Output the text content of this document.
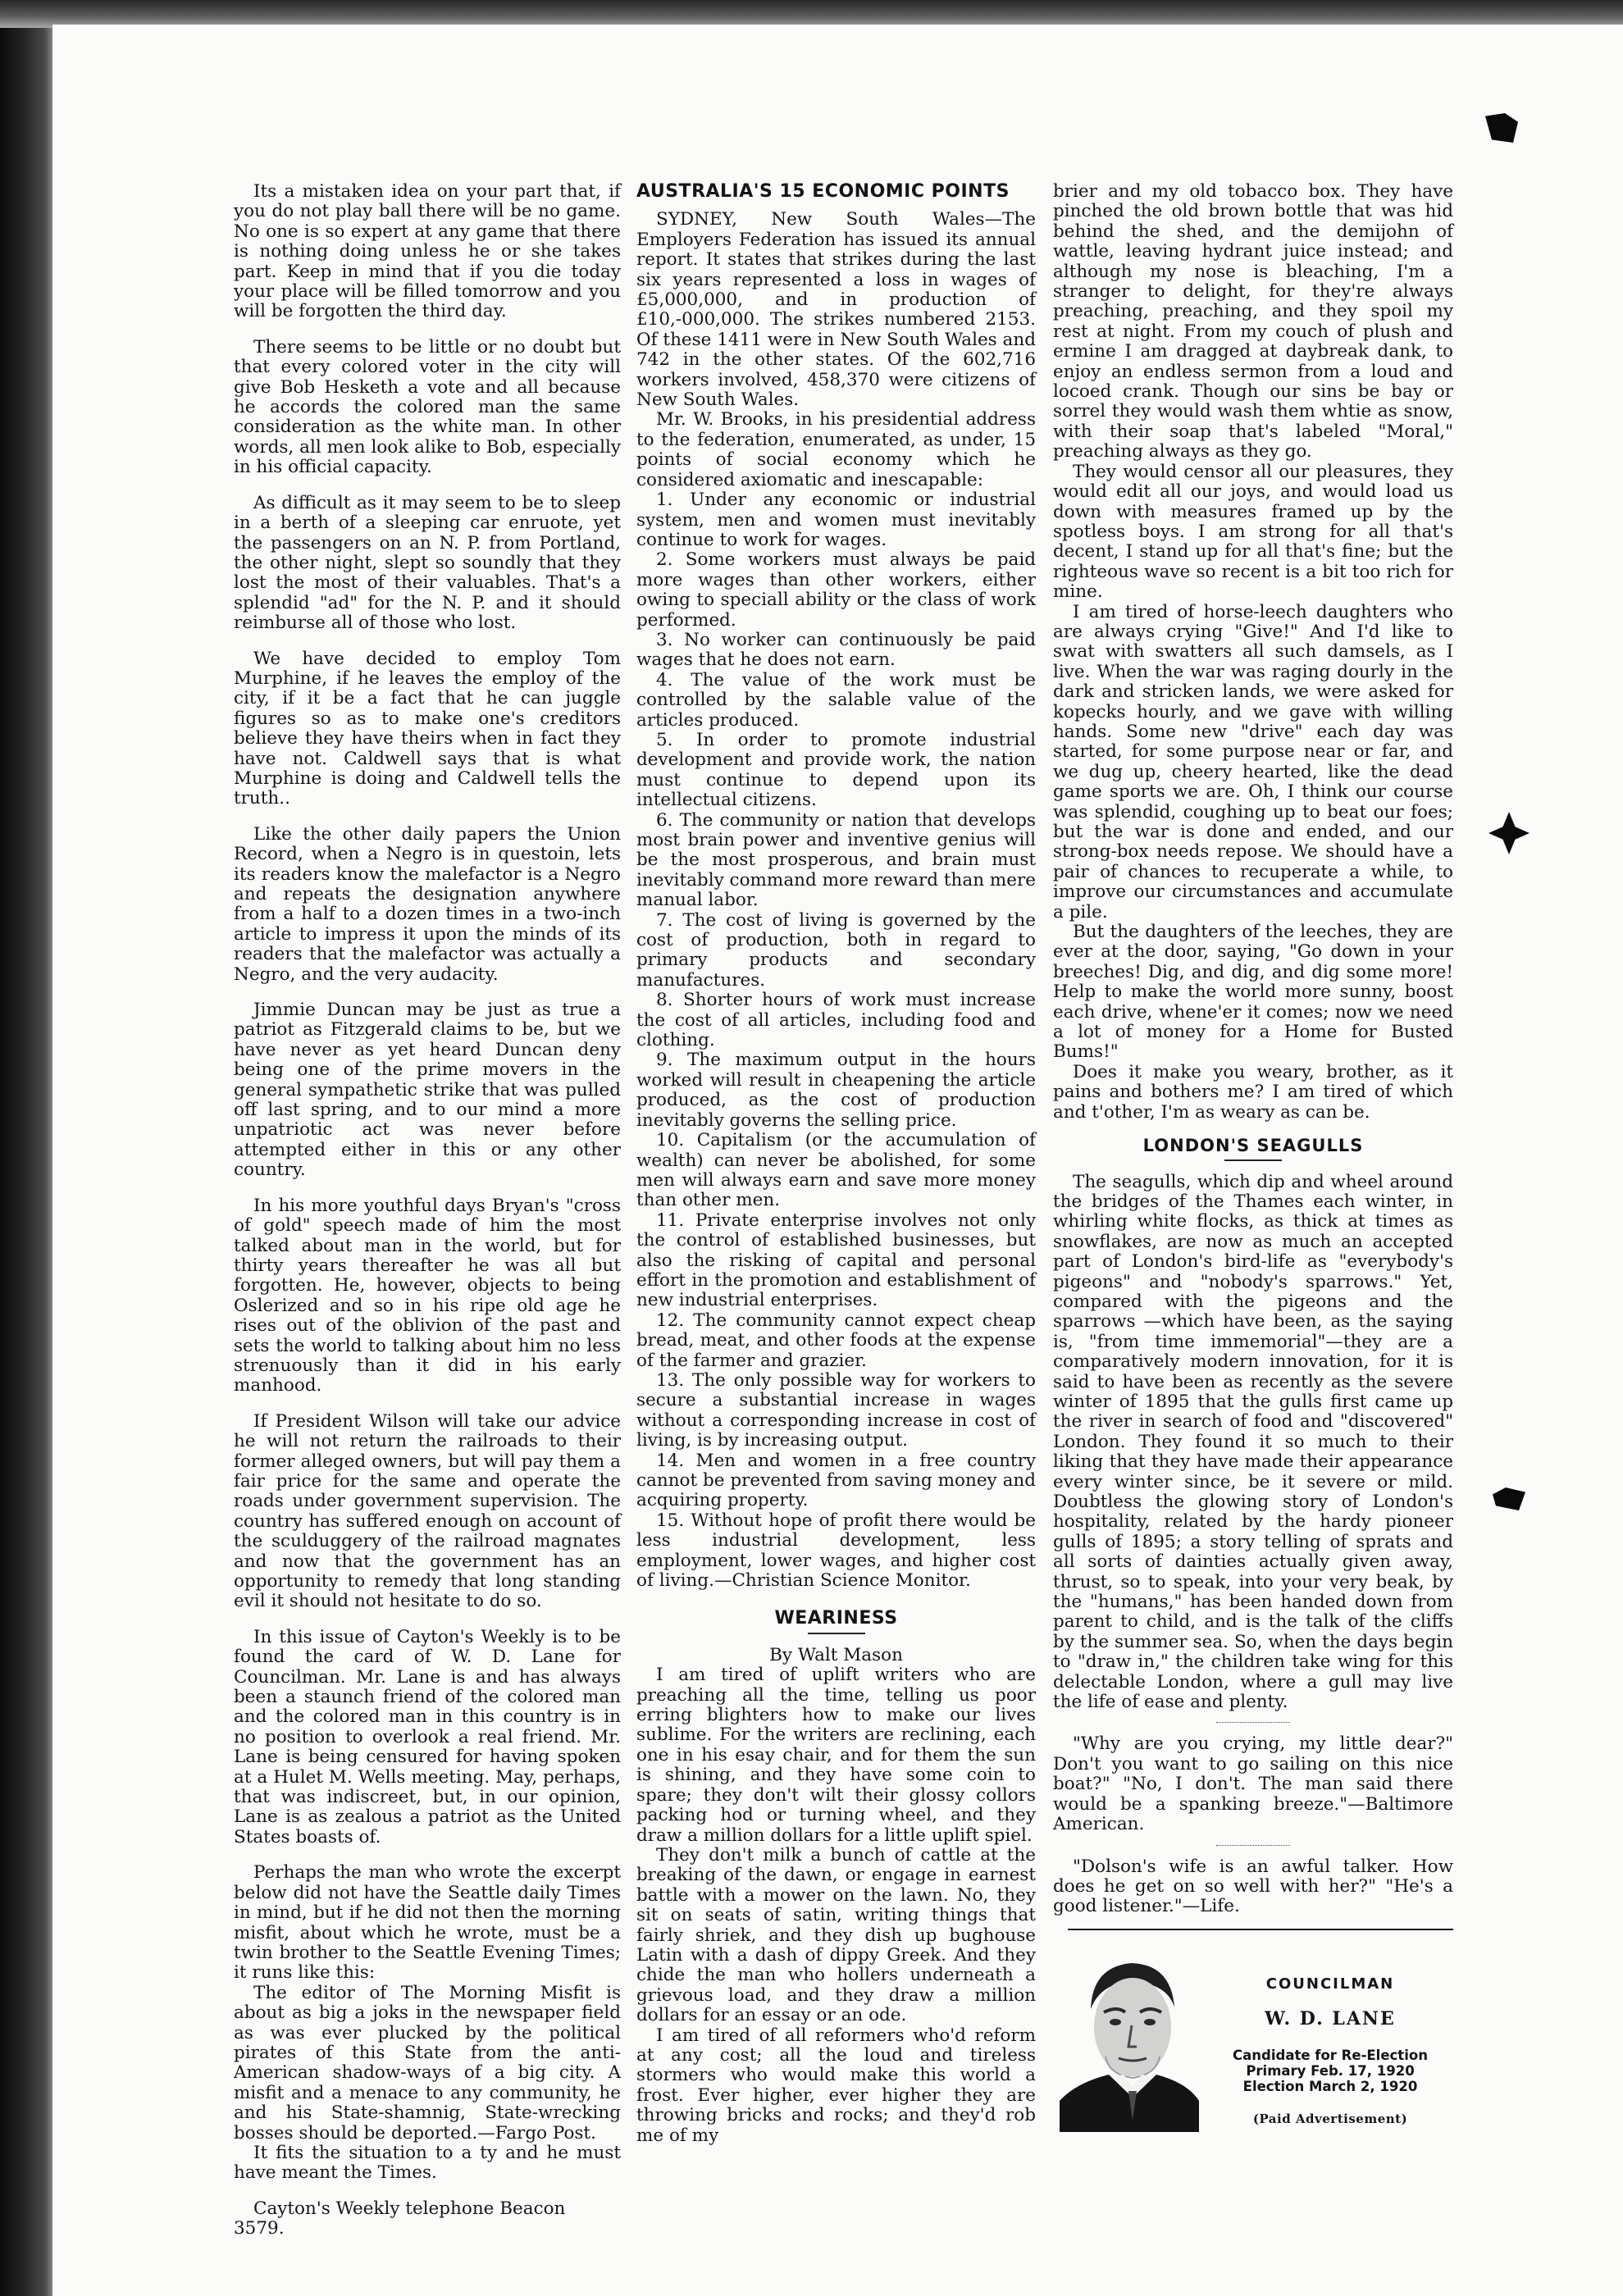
Its a mistaken idea on your part that, if you do not play ball there will be no game. No one is so expert at any game that there is nothing doing unless he or she takes part. Keep in mind that if you die today your place will be filled tomorrow and you will be forgotten the third day.

There seems to be little or no doubt but that every colored voter in the city will give Bob Hesketh a vote and all because he accords the colored man the same consideration as the white man. In other words, all men look alike to Bob, especially in his official capacity.

As difficult as it may seem to be to sleep in a berth of a sleeping car enruote, yet the passengers on an N. P. from Portland, the other night, slept so soundly that they lost the most of their valuables. That's a splendid "ad" for the N. P. and it should reimburse all of those who lost.

We have decided to employ Tom Murphine, if he leaves the employ of the city, if it be a fact that he can juggle figures so as to make one's creditors believe they have theirs when in fact they have not. Caldwell says that is what Murphine is doing and Caldwell tells the truth..

Like the other daily papers the Union Record, when a Negro is in questoin, lets its readers know the malefactor is a Negro and repeats the designation anywhere from a half to a dozen times in a two-inch article to impress it upon the minds of its readers that the malefactor was actually a Negro, and the very audacity.

Jimmie Duncan may be just as true a patriot as Fitzgerald claims to be, but we have never as yet heard Duncan deny being one of the prime movers in the general sympathetic strike that was pulled off last spring, and to our mind a more unpatriotic act was never before attempted either in this or any other country.

In his more youthful days Bryan's "cross of gold" speech made of him the most talked about man in the world, but for thirty years thereafter he was all but forgotten. He, however, objects to being Oslerized and so in his ripe old age he rises out of the oblivion of the past and sets the world to talking about him no less strenuously than it did in his early manhood.

If President Wilson will take our advice he will not return the railroads to their former alleged owners, but will pay them a fair price for the same and operate the roads under government supervision. The country has suffered enough on account of the sculduggery of the railroad magnates and now that the government has an opportunity to remedy that long standing evil it should not hesitate to do so.

In this issue of Cayton's Weekly is to be found the card of W. D. Lane for Councilman. Mr. Lane is and has always been a staunch friend of the colored man and the colored man in this country is in no position to overlook a real friend. Mr. Lane is being censured for having spoken at a Hulet M. Wells meeting. May, perhaps, that was indiscreet, but, in our opinion, Lane is as zealous a patriot as the United States boasts of.

Perhaps the man who wrote the excerpt below did not have the Seattle daily Times in mind, but if he did not then the morning misfit, about which he wrote, must be a twin brother to the Seattle Evening Times; it runs like this:

The editor of The Morning Misfit is about as big a joks in the newspaper field as was ever plucked by the political pirates of this State from the anti-American shadow-ways of a big city. A misfit and a menace to any community, he and his State-shamnig, State-wrecking bosses should be deported.—Fargo Post.

It fits the situation to a ty and he must have meant the Times.

Cayton's Weekly telephone Beacon 3579.

AUSTRALIA'S 15 ECONOMIC POINTS

SYDNEY, New South Wales—The Employers Federation has issued its annual report. It states that strikes during the last six years represented a loss in wages of £5,000,000, and in production of £10,-000,000. The strikes numbered 2153. Of these 1411 were in New South Wales and 742 in the other states. Of the 602,716 workers involved, 458,370 were citizens of New South Wales.

Mr. W. Brooks, in his presidential address to the federation, enumerated, as under, 15 points of social economy which he considered axiomatic and inescapable:

1. Under any economic or industrial system, men and women must inevitably continue to work for wages.

2. Some workers must always be paid more wages than other workers, either owing to speciall ability or the class of work performed.

3. No worker can continuously be paid wages that he does not earn.

4. The value of the work must be controlled by the salable value of the articles produced.

5. In order to promote industrial development and provide work, the nation must continue to depend upon its intellectual citizens.

6. The community or nation that develops most brain power and inventive genius will be the most prosperous, and brain must inevitably command more reward than mere manual labor.

7. The cost of living is governed by the cost of production, both in regard to primary products and secondary manufactures.

8. Shorter hours of work must increase the cost of all articles, including food and clothing.

9. The maximum output in the hours worked will result in cheapening the article produced, as the cost of production inevitably governs the selling price.

10. Capitalism (or the accumulation of wealth) can never be abolished, for some men will always earn and save more money than other men.

11. Private enterprise involves not only the control of established businesses, but also the risking of capital and personal effort in the promotion and establishment of new industrial enterprises.

12. The community cannot expect cheap bread, meat, and other foods at the expense of the farmer and grazier.

13. The only possible way for workers to secure a substantial increase in wages without a corresponding increase in cost of living, is by increasing output.

14. Men and women in a free country cannot be prevented from saving money and acquiring property.

15. Without hope of profit there would be less industrial development, less employment, lower wages, and higher cost of living.—Christian Science Monitor.

WEARINESS

By Walt Mason

I am tired of uplift writers who are preaching all the time, telling us poor erring blighters how to make our lives sublime. For the writers are reclining, each one in his esay chair, and for them the sun is shining, and they have some coin to spare; they don't wilt their glossy collors packing hod or turning wheel, and they draw a million dollars for a little uplift spiel.

They don't milk a bunch of cattle at the breaking of the dawn, or engage in earnest battle with a mower on the lawn. No, they sit on seats of satin, writing things that fairly shriek, and they dish up bughouse Latin with a dash of dippy Greek. And they chide the man who hollers underneath a grievous load, and they draw a million dollars for an essay or an ode.

I am tired of all reformers who'd reform at any cost; all the loud and tireless stormers who would make this world a frost. Ever higher, ever higher they are throwing bricks and rocks; and they'd rob me of my

brier and my old tobacco box. They have pinched the old brown bottle that was hid behind the shed, and the demijohn of wattle, leaving hydrant juice instead; and although my nose is bleaching, I'm a stranger to delight, for they're always preaching, preaching, and they spoil my rest at night. From my couch of plush and ermine I am dragged at daybreak dank, to enjoy an endless sermon from a loud and locoed crank. Though our sins be bay or sorrel they would wash them whtie as snow, with their soap that's labeled "Moral," preaching always as they go.

They would censor all our pleasures, they would edit all our joys, and would load us down with measures framed up by the spotless boys. I am strong for all that's decent, I stand up for all that's fine; but the righteous wave so recent is a bit too rich for mine.

I am tired of horse-leech daughters who are always crying "Give!" And I'd like to swat with swatters all such damsels, as I live. When the war was raging dourly in the dark and stricken lands, we were asked for kopecks hourly, and we gave with willing hands. Some new "drive" each day was started, for some purpose near or far, and we dug up, cheery hearted, like the dead game sports we are. Oh, I think our course was splendid, coughing up to beat our foes; but the war is done and ended, and our strong-box needs repose. We should have a pair of chances to recuperate a while, to improve our circumstances and accumulate a pile.

But the daughters of the leeches, they are ever at the door, saying, "Go down in your breeches! Dig, and dig, and dig some more! Help to make the world more sunny, boost each drive, whene'er it comes; now we need a lot of money for a Home for Busted Bums!"

Does it make you weary, brother, as it pains and bothers me? I am tired of which and t'other, I'm as weary as can be.

LONDON'S SEAGULLS

The seagulls, which dip and wheel around the bridges of the Thames each winter, in whirling white flocks, as thick at times as snowflakes, are now as much an accepted part of London's bird-life as "everybody's pigeons" and "nobody's sparrows." Yet, compared with the pigeons and the sparrows —which have been, as the saying is, "from time immemorial"—they are a comparatively modern innovation, for it is said to have been as recently as the severe winter of 1895 that the gulls first came up the river in search of food and "discovered" London. They found it so much to their liking that they have made their appearance every winter since, be it severe or mild. Doubtless the glowing story of London's hospitality, related by the hardy pioneer gulls of 1895; a story telling of sprats and all sorts of dainties actually given away, thrust, so to speak, into your very beak, by the "humans," has been handed down from parent to child, and is the talk of the cliffs by the summer sea. So, when the days begin to "draw in," the children take wing for this delectable London, where a gull may live the life of ease and plenty.

"Why are you crying, my little dear?" Don't you want to go sailing on this nice boat?" "No, I don't. The man said there would be a spanking breeze."—Baltimore American.

"Dolson's wife is an awful talker. How does he get on so well with her?" "He's a good listener."—Life.

COUNCILMAN
W. D. LANE
Candidate for Re-Election
Primary Feb. 17, 1920
Election March 2, 1920
(Paid Advertisement)
